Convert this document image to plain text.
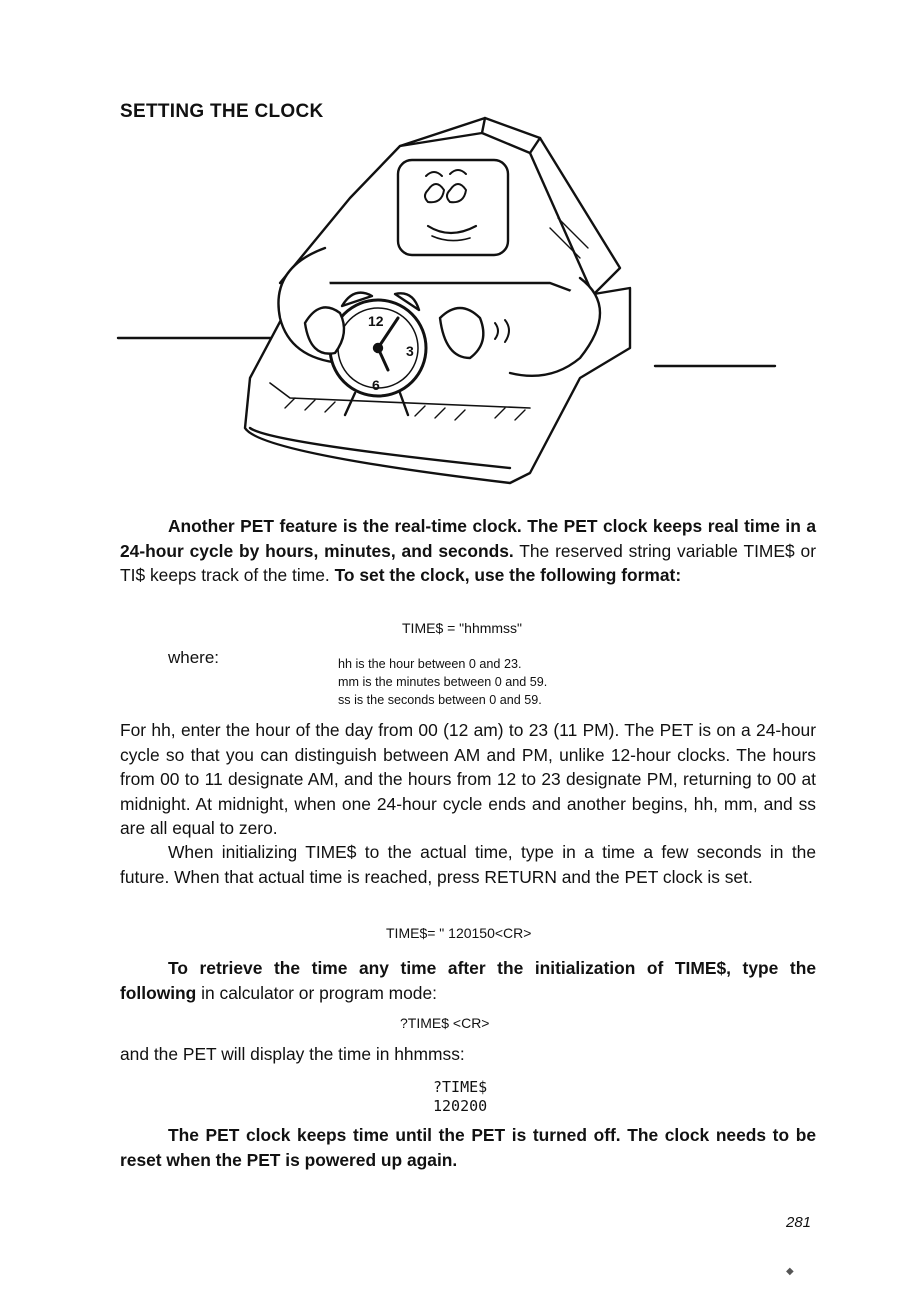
SETTING THE CLOCK
12
3
6

Another PET feature is the real-time clock. The PET clock keeps real time in a 24-hour cycle by hours, minutes, and seconds. The reserved string variable TIME$ or TI$ keeps track of the time. To set the clock, use the following format:

TIME$ = "hhmmss"
where:	hh is the hour between 0 and 23.
mm is the minutes between 0 and 59.
ss is the seconds between 0 and 59.

For hh, enter the hour of the day from 00 (12 am) to 23 (11 PM). The PET is on a 24-hour cycle so that you can distinguish between AM and PM, unlike 12-hour clocks. The hours from 00 to 11 designate AM, and the hours from 12 to 23 designate PM, returning to 00 at midnight. At midnight, when one 24-hour cycle ends and another begins, hh, mm, and ss are all equal to zero.

When initializing TIME$ to the actual time, type in a time a few seconds in the future. When that actual time is reached, press RETURN and the PET clock is set.

TIME$= " 120150<CR>

To retrieve the time any time after the initialization of TIME$, type the following in calculator or program mode:

?TIME$ <CR>

and the PET will display the time in hhmmss:

?TIME$
120200

The PET clock keeps time until the PET is turned off. The clock needs to be reset when the PET is powered up again.

281
◆
